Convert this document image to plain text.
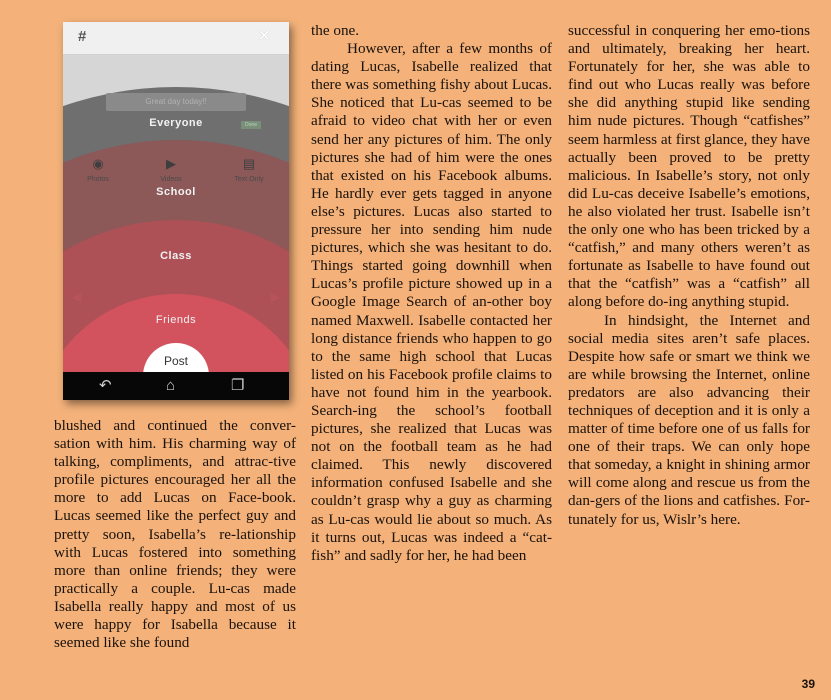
#	✕
Great day today!!
Done
Everyone
School
Class
Friends
Post
◉
Photos
▶
Videos
▤
Text Only
◀	▶
↶	⌂	❐

blushed and continued the conver-sation with him. His charming way of talking, compliments, and attrac-tive profile pictures encouraged her all the more to add Lucas on Face-book. Lucas seemed like the perfect guy and pretty soon, Isabella’s re-lationship with Lucas fostered into something more than online friends; they were practically a couple. Lu-cas made Isabella really happy and most of us were happy for Isabella because it seemed like she found

the one.

However, after a few months of dating Lucas, Isabelle realized that there was something fishy about Lucas. She noticed that Lu-cas seemed to be afraid to video chat with her or even send her any pictures of him. The only pictures she had of him were the ones that existed on his Facebook albums. He hardly ever gets tagged in anyone else’s pictures. Lucas also started to pressure her into sending him nude pictures, which she was hesitant to do. Things started going downhill when Lucas’s profile picture showed up in a Google Image Search of an-other boy named Maxwell. Isabelle contacted her long distance friends who happen to go to the same high school that Lucas listed on his Facebook profile claims to have not found him in the yearbook. Search-ing the school’s football pictures, she realized that Lucas was not on the football team as he had claimed. This newly discovered information confused Isabelle and she couldn’t grasp why a guy as charming as Lu-cas would lie about so much. As it turns out, Lucas was indeed a “cat-fish” and sadly for her, he had been

successful in conquering her emo-tions and ultimately, breaking her heart. Fortunately for her, she was able to find out who Lucas really was before she did anything stupid like sending him nude pictures. Though “catfishes” seem harmless at first glance, they have actually been proved to be pretty malicious. In Isabelle’s story, not only did Lu-cas deceive Isabelle’s emotions, he also violated her trust. Isabelle isn’t the only one who has been tricked by a “catfish,” and many others weren’t as fortunate as Isabelle to have found out that the “catfish” was a “catfish” all along before do-ing anything stupid.

In hindsight, the Internet and social media sites aren’t safe places. Despite how safe or smart we think we are while browsing the Internet, online predators are also advancing their techniques of deception and it is only a matter of time before one of us falls for one of their traps. We can only hope that someday, a knight in shining armor will come along and rescue us from the dan-gers of the lions and catfishes. For-tunately for us, Wislr’s here.

39
